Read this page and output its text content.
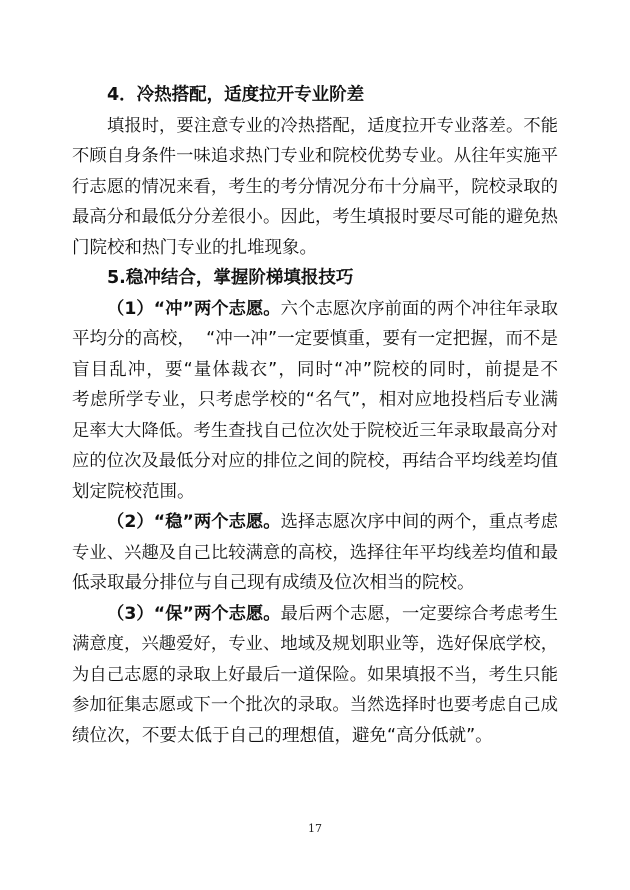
4．冷热搭配，适度拉开专业阶差
填报时，要注意专业的冷热搭配，适度拉开专业落差。不能
不顾自身条件一味追求热门专业和院校优势专业。从往年实施平
行志愿的情况来看，考生的考分情况分布十分扁平，院校录取的
最高分和最低分分差很小。因此，考生填报时要尽可能的避免热
门院校和热门专业的扎堆现象。
5.稳冲结合，掌握阶梯填报技巧
（1）“冲”两个志愿。六个志愿次序前面的两个冲往年录取
平均分的高校，  “冲一冲”一定要慎重，要有一定把握，而不是
盲目乱冲，要“量体裁衣”，同时“冲”院校的同时，前提是不
考虑所学专业，只考虑学校的“名气”，相对应地投档后专业满
足率大大降低。考生查找自己位次处于院校近三年录取最高分对
应的位次及最低分对应的排位之间的院校，再结合平均线差均值
划定院校范围。
（2）“稳”两个志愿。选择志愿次序中间的两个，重点考虑
专业、兴趣及自己比较满意的高校，选择往年平均线差均值和最
低录取最分排位与自己现有成绩及位次相当的院校。
（3）“保”两个志愿。最后两个志愿，一定要综合考虑考生
满意度，兴趣爱好，专业、地域及规划职业等，选好保底学校，
为自己志愿的录取上好最后一道保险。如果填报不当，考生只能
参加征集志愿或下一个批次的录取。当然选择时也要考虑自己成
绩位次，不要太低于自己的理想值，避免“高分低就”。
17
